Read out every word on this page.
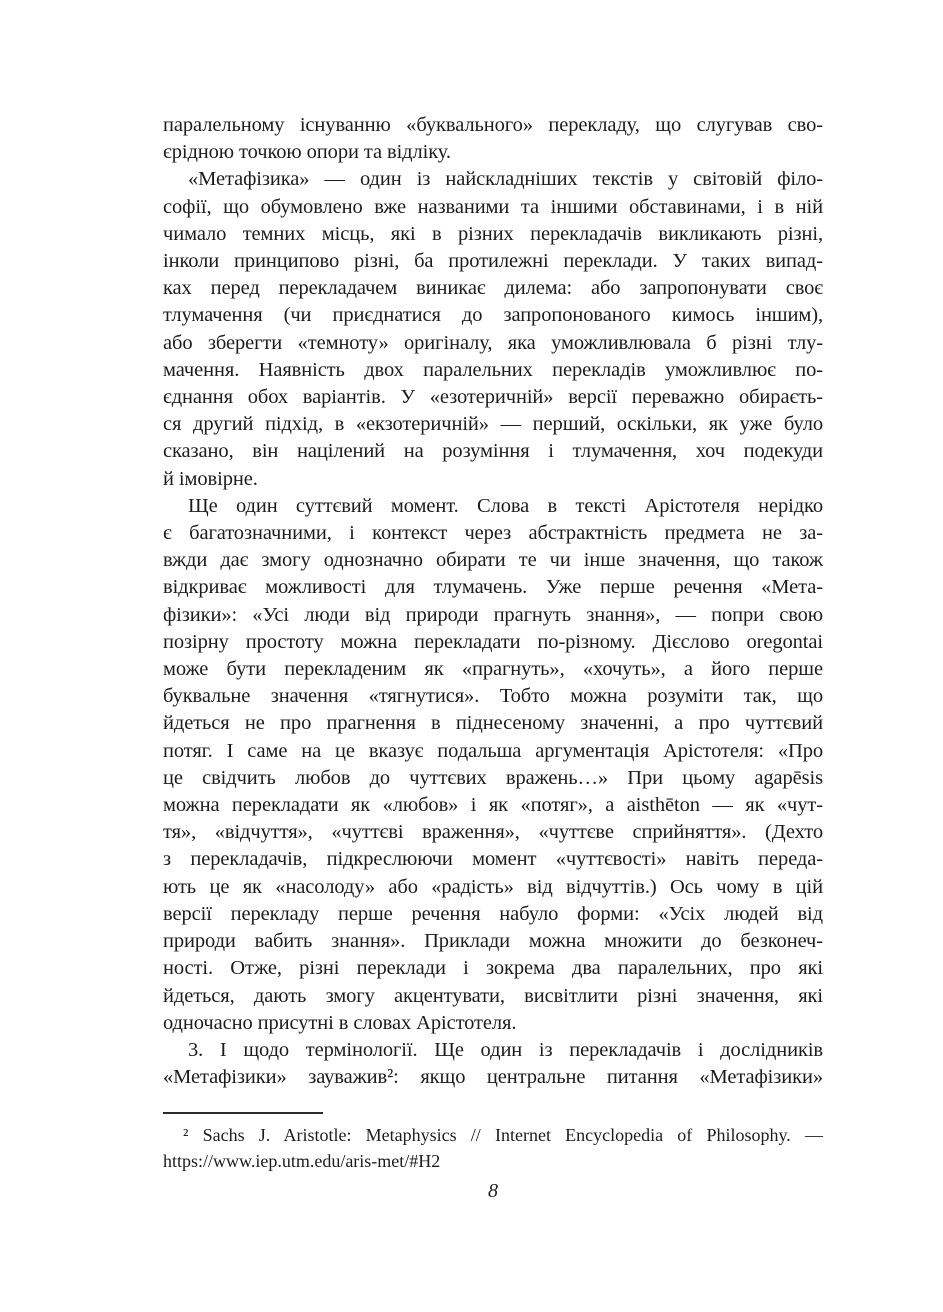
паралельному існуванню «буквального» перекладу, що слугував сво-

єрідною точкою опори та відліку.

«Метафізика» — один із найскладніших текстів у світовій філо-

софії, що обумовлено вже названими та іншими обставинами, і в ній

чимало темних місць, які в різних перекладачів викликають різні,

інколи принципово різні, ба протилежні переклади. У таких випад-

ках перед перекладачем виникає дилема: або запропонувати своє

тлумачення (чи приєднатися до запропонованого кимось іншим),

або зберегти «темноту» оригіналу, яка уможливлювала б різні тлу-

мачення. Наявність двох паралельних перекладів уможливлює по-

єднання обох варіантів. У «езотеричній» версії переважно обираєть-

ся другий підхід, в «екзотеричній» — перший, оскільки, як уже було

сказано, він націлений на розуміння і тлумачення, хоч подекуди

й імовірне.

Ще один суттєвий момент. Слова в тексті Арістотеля нерідко

є багатозначними, і контекст через абстрактність предмета не за-

вжди дає змогу однозначно обирати те чи інше значення, що також

відкриває можливості для тлумачень. Уже перше речення «Мета-

фізики»: «Усі люди від природи прагнуть знання», — попри свою

позірну простоту можна перекладати по-різному. Дієслово oregontai

може бути перекладеним як «прагнуть», «хочуть», а його перше

буквальне значення «тягнутися». Тобто можна розуміти так, що

йдеться не про прагнення в піднесеному значенні, а про чуттєвий

потяг. І саме на це вказує подальша аргументація Арістотеля: «Про

це свідчить любов до чуттєвих вражень…» При цьому agapēsis

можна перекладати як «любов» і як «потяг», а aisthēton — як «чут-

тя», «відчуття», «чуттєві враження», «чуттєве сприйняття». (Дехто

з перекладачів, підкреслюючи момент «чуттєвості» навіть переда-

ють це як «насолоду» або «радість» від відчуттів.) Ось чому в цій

версії перекладу перше речення набуло форми: «Усіх людей від

природи вабить знання». Приклади можна множити до безконеч-

ності. Отже, різні переклади і зокрема два паралельних, про які

йдеться, дають змогу акцентувати, висвітлити різні значення, які

одночасно присутні в словах Арістотеля.

3. І щодо термінології. Ще один із перекладачів і дослідників

«Метафізики» зауважив²: якщо центральне питання «Метафізики»

² Sachs J. Aristotle: Metaphysics // Internet Encyclopedia of Philosophy. —

https://www.iep.utm.edu/aris-met/#H2

8
